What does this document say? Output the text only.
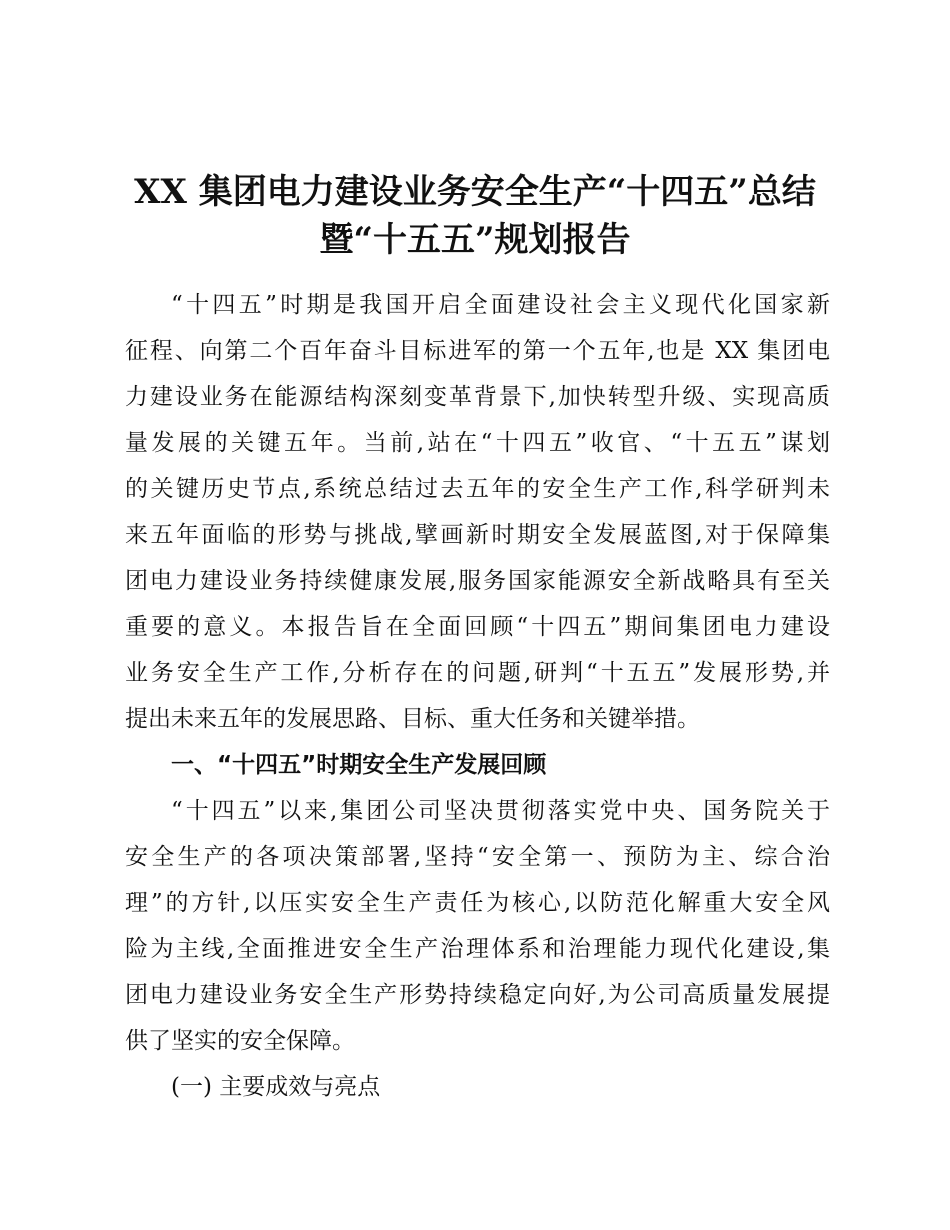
XX 集团电力建设业务安全生产“十四五”总结
暨“十五五”规划报告
“十四五”时期是我国开启全面建设社会主义现代化国家新
征程、向第二个百年奋斗目标进军的第一个五年,也是 XX 集团电
力建设业务在能源结构深刻变革背景下,加快转型升级、实现高质
量发展的关键五年。当前,站在“十四五”收官、“十五五”谋划
的关键历史节点,系统总结过去五年的安全生产工作,科学研判未
来五年面临的形势与挑战,擘画新时期安全发展蓝图,对于保障集
团电力建设业务持续健康发展,服务国家能源安全新战略具有至关
重要的意义。本报告旨在全面回顾“十四五”期间集团电力建设
业务安全生产工作,分析存在的问题,研判“十五五”发展形势,并
提出未来五年的发展思路、目标、重大任务和关键举措。
一、“十四五”时期安全生产发展回顾
“十四五”以来,集团公司坚决贯彻落实党中央、国务院关于
安全生产的各项决策部署,坚持“安全第一、预防为主、综合治
理”的方针,以压实安全生产责任为核心,以防范化解重大安全风
险为主线,全面推进安全生产治理体系和治理能力现代化建设,集
团电力建设业务安全生产形势持续稳定向好,为公司高质量发展提
供了坚实的安全保障。
(一) 主要成效与亮点
